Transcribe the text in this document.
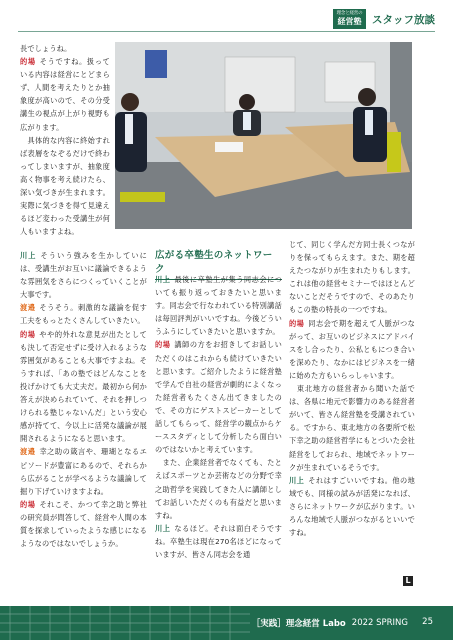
理念と経営の
経営塾 スタッフ放談

長でしょうね。

的場 そうですね。扱っている内容は経営にとどまらず、人間を考えたりとか抽象度が高いので、その分受講生の視点が上がり視野も広がります。

　具体的な内容に終始すれば表層をなぞるだけで終わってしまいますが、抽象度高く物事を考え続けたら、深い気づきが生まれます。実際に気づきを得て見違えるほど変わった受講生が何人もいますよね。

川上 そういう強みを生かしていには、受講生がお互いに議論できるような雰囲気をさらにつくっていくことが大事です。

渡邉 そうそう。刺激的な議論を促す工夫をもっとたくさんしていきたい。

的場 やや的外れな意見が出たとしても決して否定せずに受け入れるような雰囲気があることも大事ですよね。そうすれば、「あの塾ではどんなことを投げかけても大丈夫だ。最初から何か答えが決められていて、それを押しつけられる塾じゃないんだ」という安心感が持てて、今以上に活発な議論が展開されるようになると思います。

渡邉 幸之助の箴言や、珊瑚となるエピソードが豊富にあるので、それらから広がることが学べるような議論して掘り下げていけますよね。

的場 それこそ、かつて幸之助と弊社の研究員が問答して、経営や人間の本質を探求していったような感じになるようなのではないでしょうか。

広がる卒塾生のネットワーク

川上 最後に卒塾生が集う同志会についても振り返っておきたいと思います。同志会で行なわれている特別講話は毎回評判がいいですね。今後どういうふうにしていきたいと思いますか。

的場 講師の方をお招きしてお話しいただくのはこれからも続けていきたいと思います。ご紹介したように経営塾で学んで自社の経営が劇的によくなった経営者もたくさん出てきましたので、その方にゲストスピーカーとして話してもらって、経営学の観点からケーススタディとして分析したら面白いのではないかと考えています。

　また、企業経営者でなくても、たとえばスポーツとか芸術などの分野で幸之助哲学を実践してきた人に講師としてお話しいただくのも有益だと思いますね。

川上 なるほど。それは面白そうですね。卒塾生は現在270名ほどになっていますが、皆さん同志会を通

じて、同じく学んだ方同士長くつながりを保ってもらえます。また、期を超えたつながりが生まれたりもします。これは他の経営セミナーではほとんどないことだそうですので、そのあたりもこの塾の特長の一つですね。

的場 同志会で期を超えて人脈がつながって、お互いのビジネスにアドバイスをし合ったり、公私ともにつき合いを深めたり、なかにはビジネスを一緒に始めた方もいらっしゃいます。

　東北地方の経営者から聞いた話では、各県に地元で影響力のある経営者がいて、皆さん経営塾を受講されている。ですから、東北地方の各要所で松下幸之助の経営哲学にもとづいた会社経営をしておられ、地域でネットワークが生まれているそうです。

川上 それはすごいいですね。他の地域でも、同様の試みが活発になれば、さらにネットワークが広がります。いろんな地域で人脈がつながるといいですね。

L
［実践］理念経営 Labo 2022 SPRING 25
